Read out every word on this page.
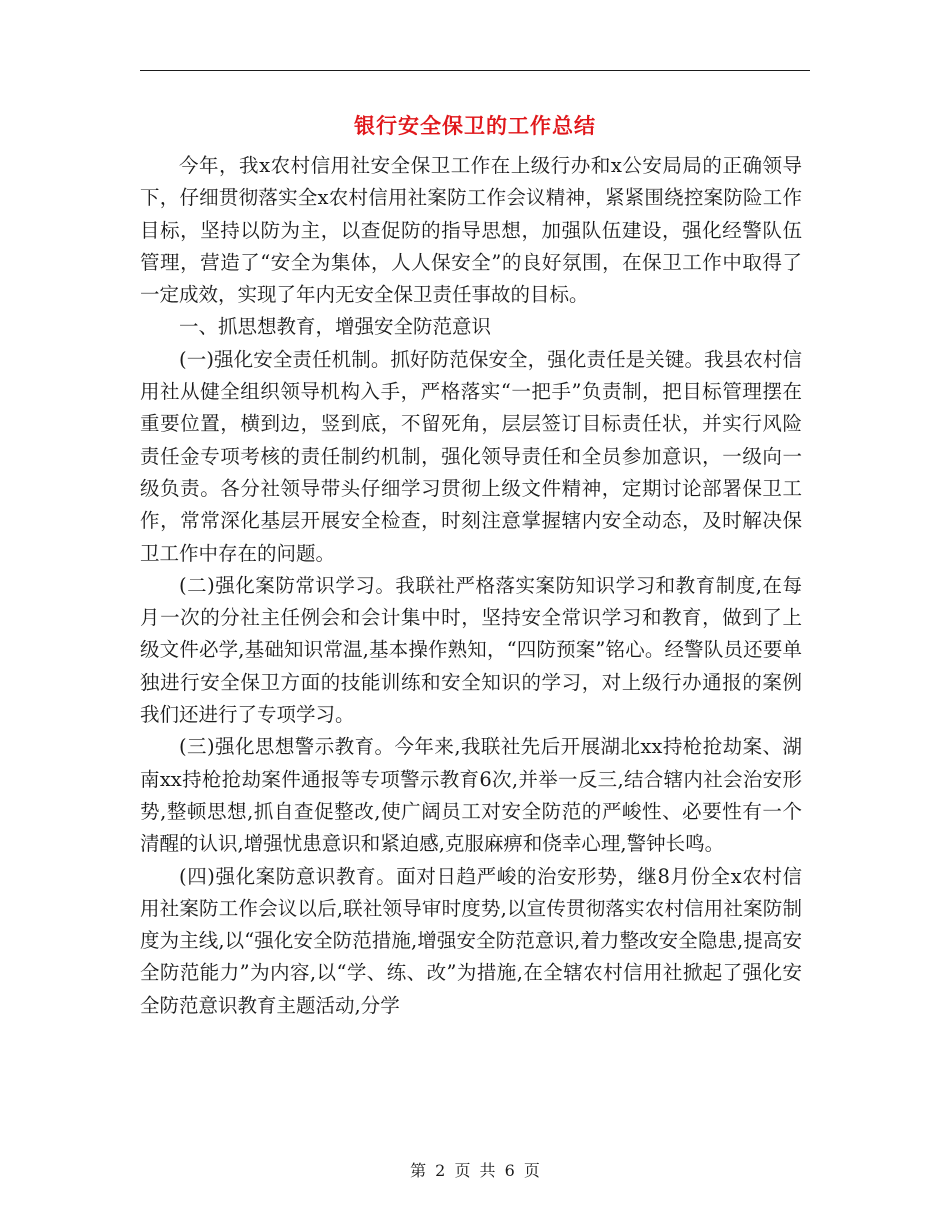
银行安全保卫的工作总结

今年，我x农村信用社安全保卫工作在上级行办和x公安局局的正确领导下，仔细贯彻落实全x农村信用社案防工作会议精神，紧紧围绕控案防险工作目标，坚持以防为主，以查促防的指导思想，加强队伍建设，强化经警队伍管理，营造了“安全为集体，人人保安全”的良好氛围，在保卫工作中取得了一定成效，实现了年内无安全保卫责任事故的目标。

一、抓思想教育，增强安全防范意识

(一)强化安全责任机制。抓好防范保安全，强化责任是关键。我县农村信用社从健全组织领导机构入手，严格落实“一把手”负责制，把目标管理摆在重要位置，横到边，竖到底，不留死角，层层签订目标责任状，并实行风险责任金专项考核的责任制约机制，强化领导责任和全员参加意识，一级向一级负责。各分社领导带头仔细学习贯彻上级文件精神，定期讨论部署保卫工作，常常深化基层开展安全检查，时刻注意掌握辖内安全动态，及时解决保卫工作中存在的问题。

(二)强化案防常识学习。我联社严格落实案防知识学习和教育制度,在每月一次的分社主任例会和会计集中时，坚持安全常识学习和教育，做到了上级文件必学,基础知识常温,基本操作熟知，“四防预案”铭心。经警队员还要单独进行安全保卫方面的技能训练和安全知识的学习，对上级行办通报的案例我们还进行了专项学习。

(三)强化思想警示教育。今年来,我联社先后开展湖北xx持枪抢劫案、湖南xx持枪抢劫案件通报等专项警示教育6次,并举一反三,结合辖内社会治安形势,整顿思想,抓自查促整改,使广阔员工对安全防范的严峻性、必要性有一个清醒的认识,增强忧患意识和紧迫感,克服麻痹和侥幸心理,警钟长鸣。

(四)强化案防意识教育。面对日趋严峻的治安形势，继8月份全x农村信用社案防工作会议以后,联社领导审时度势,以宣传贯彻落实农村信用社案防制度为主线,以“强化安全防范措施,增强安全防范意识,着力整改安全隐患,提高安全防范能力”为内容,以“学、练、改”为措施,在全辖农村信用社掀起了强化安全防范意识教育主题活动,分学

第 2 页 共 6 页
